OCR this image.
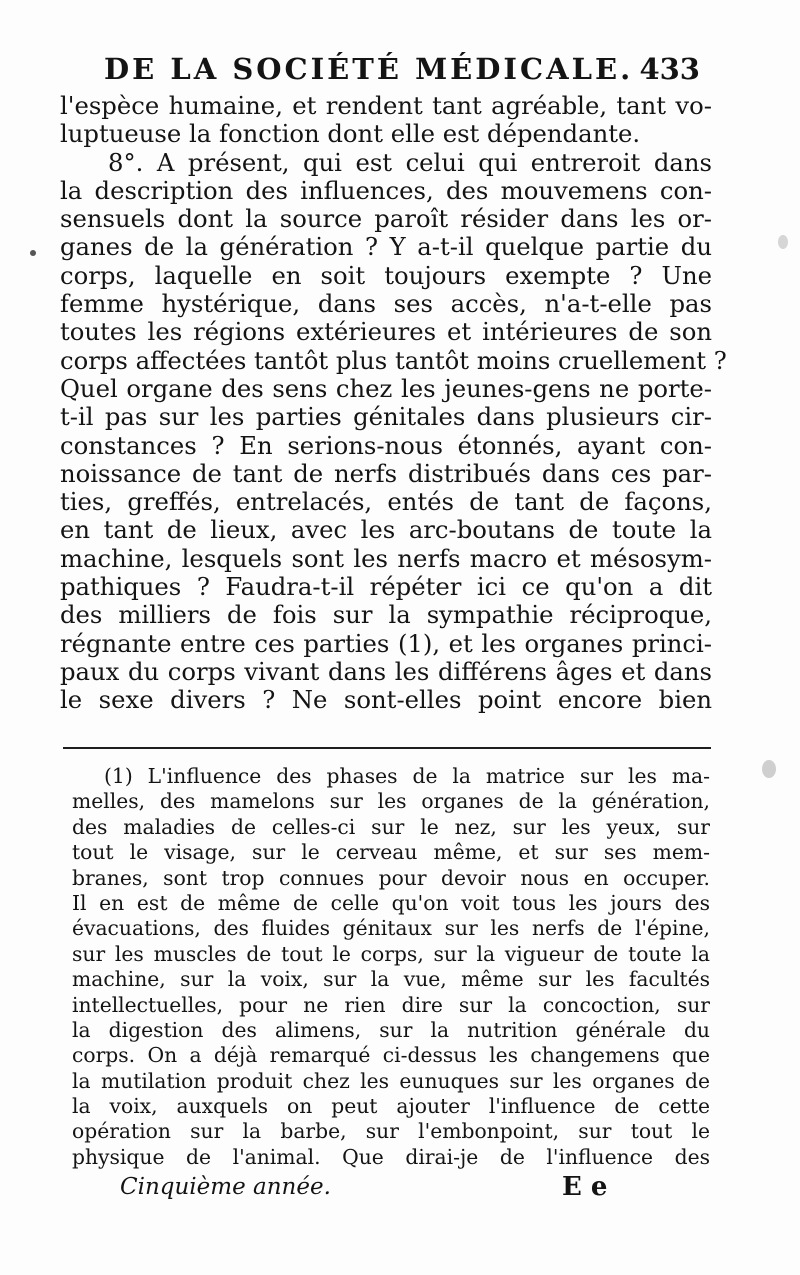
DE LA SOCIÉTÉ MÉDICALE. 433
l'espèce humaine, et rendent tant agréable, tant vo-
luptueuse la fonction dont elle est dépendante.
8°. A présent, qui est celui qui entreroit dans
la description des influences, des mouvemens con-
sensuels dont la source paroît résider dans les or-
ganes de la génération ? Y a-t-il quelque partie du
corps, laquelle en soit toujours exempte ? Une
femme hystérique, dans ses accès, n'a-t-elle pas
toutes les régions extérieures et intérieures de son
corps affectées tantôt plus tantôt moins cruellement ?
Quel organe des sens chez les jeunes-gens ne porte-
t-il pas sur les parties génitales dans plusieurs cir-
constances ? En serions-nous étonnés, ayant con-
noissance de tant de nerfs distribués dans ces par-
ties, greffés, entrelacés, entés de tant de façons,
en tant de lieux, avec les arc-boutans de toute la
machine, lesquels sont les nerfs macro et mésosym-
pathiques ? Faudra-t-il répéter ici ce qu'on a dit
des milliers de fois sur la sympathie réciproque,
régnante entre ces parties (1), et les organes princi-
paux du corps vivant dans les différens âges et dans
le sexe divers ? Ne sont-elles point encore bien
(1) L'influence des phases de la matrice sur les ma-
melles, des mamelons sur les organes de la génération,
des maladies de celles-ci sur le nez, sur les yeux, sur
tout le visage, sur le cerveau même, et sur ses mem-
branes, sont trop connues pour devoir nous en occuper.
Il en est de même de celle qu'on voit tous les jours des
évacuations, des fluides génitaux sur les nerfs de l'épine,
sur les muscles de tout le corps, sur la vigueur de toute la
machine, sur la voix, sur la vue, même sur les facultés
intellectuelles, pour ne rien dire sur la concoction, sur
la digestion des alimens, sur la nutrition générale du
corps. On a déjà remarqué ci-dessus les changemens que
la mutilation produit chez les eunuques sur les organes de
la voix, auxquels on peut ajouter l'influence de cette
opération sur la barbe, sur l'embonpoint, sur tout le
physique de l'animal. Que dirai-je de l'influence des
Cinquième année.	E e
